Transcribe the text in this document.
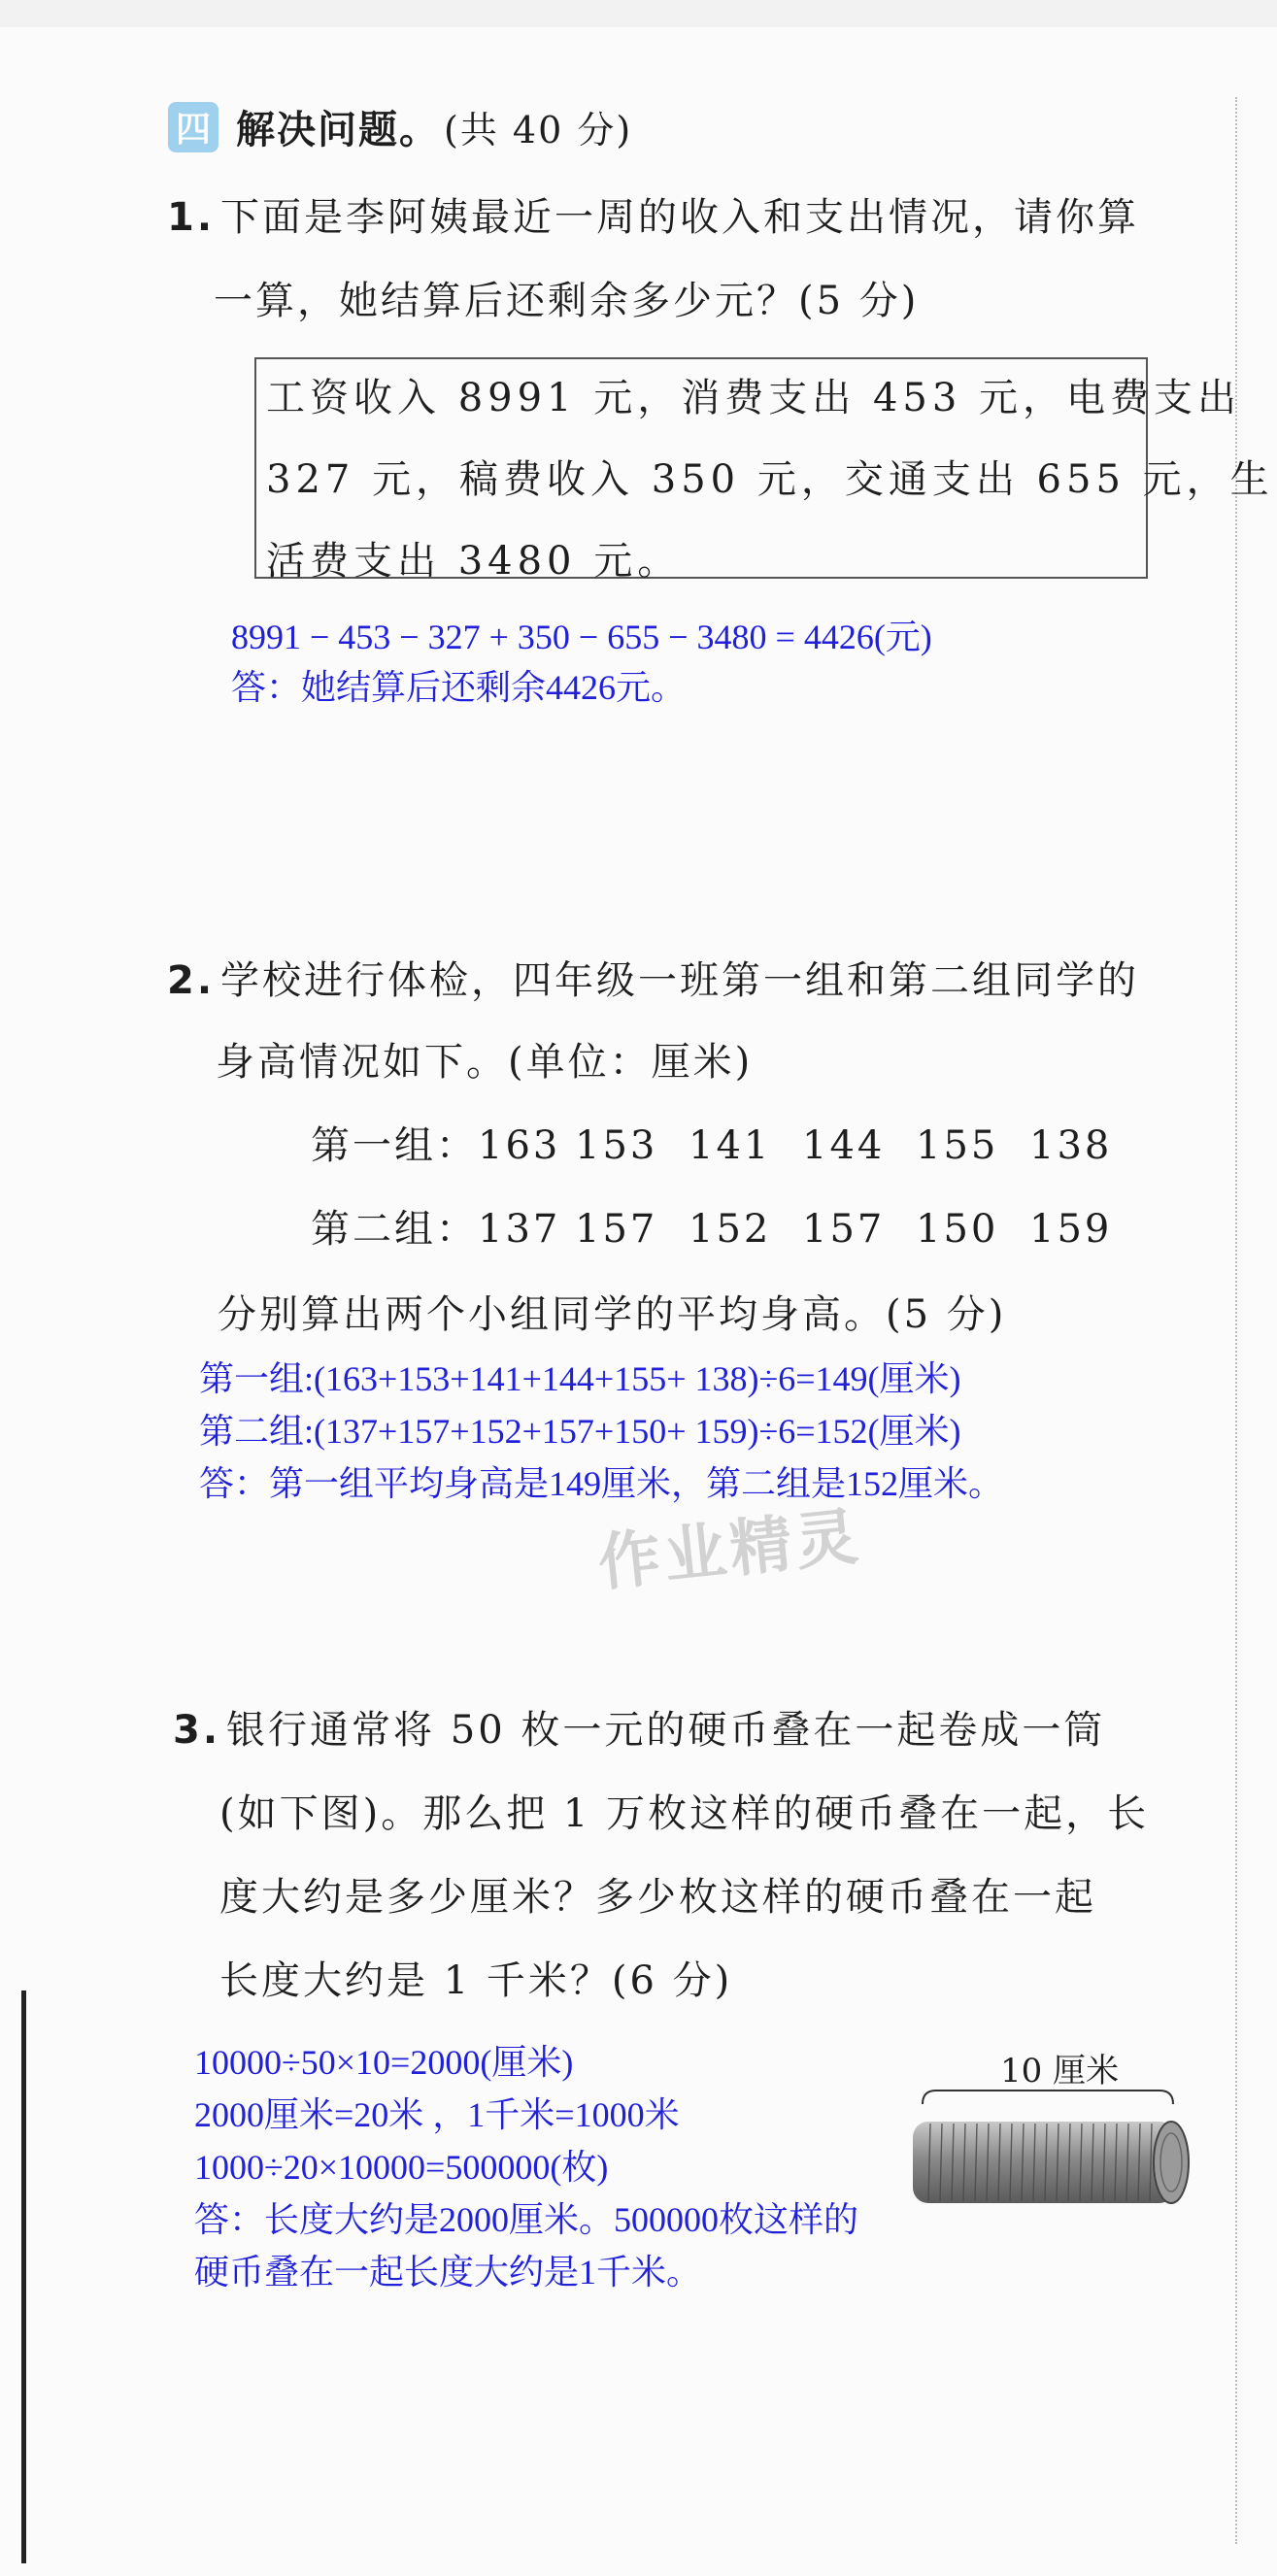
四 解决问题。 (共 40 分)
1. 下面是李阿姨最近一周的收入和支出情况，请你算
一算，她结算后还剩余多少元？(5 分)
工资收入 8991 元，消费支出 453 元，电费支出
327 元，稿费收入 350 元，交通支出 655 元，生
活费支出 3480 元。
8991 − 453 − 327 + 350 − 655 − 3480 = 4426(元)
答：她结算后还剩余4426元。
2. 学校进行体检，四年级一班第一组和第二组同学的
身高情况如下。(单位：厘米)
第一组：163 153 141 144 155 138
第二组：137 157 152 157 150 159
分别算出两个小组同学的平均身高。(5 分)
第一组:(163+153+141+144+155+ 138)÷6=149(厘米)
第二组:(137+157+152+157+150+ 159)÷6=152(厘米)
答：第一组平均身高是149厘米，第二组是152厘米。
作业精灵
3. 银行通常将 50 枚一元的硬币叠在一起卷成一筒
(如下图)。那么把 1 万枚这样的硬币叠在一起，长
度大约是多少厘米？多少枚这样的硬币叠在一起
长度大约是 1 千米？(6 分)
10000÷50×10=2000(厘米)
2000厘米=20米 ，1千米=1000米
1000÷20×10000=500000(枚)
答：长度大约是2000厘米。500000枚这样的
硬币叠在一起长度大约是1千米。
10 厘米
